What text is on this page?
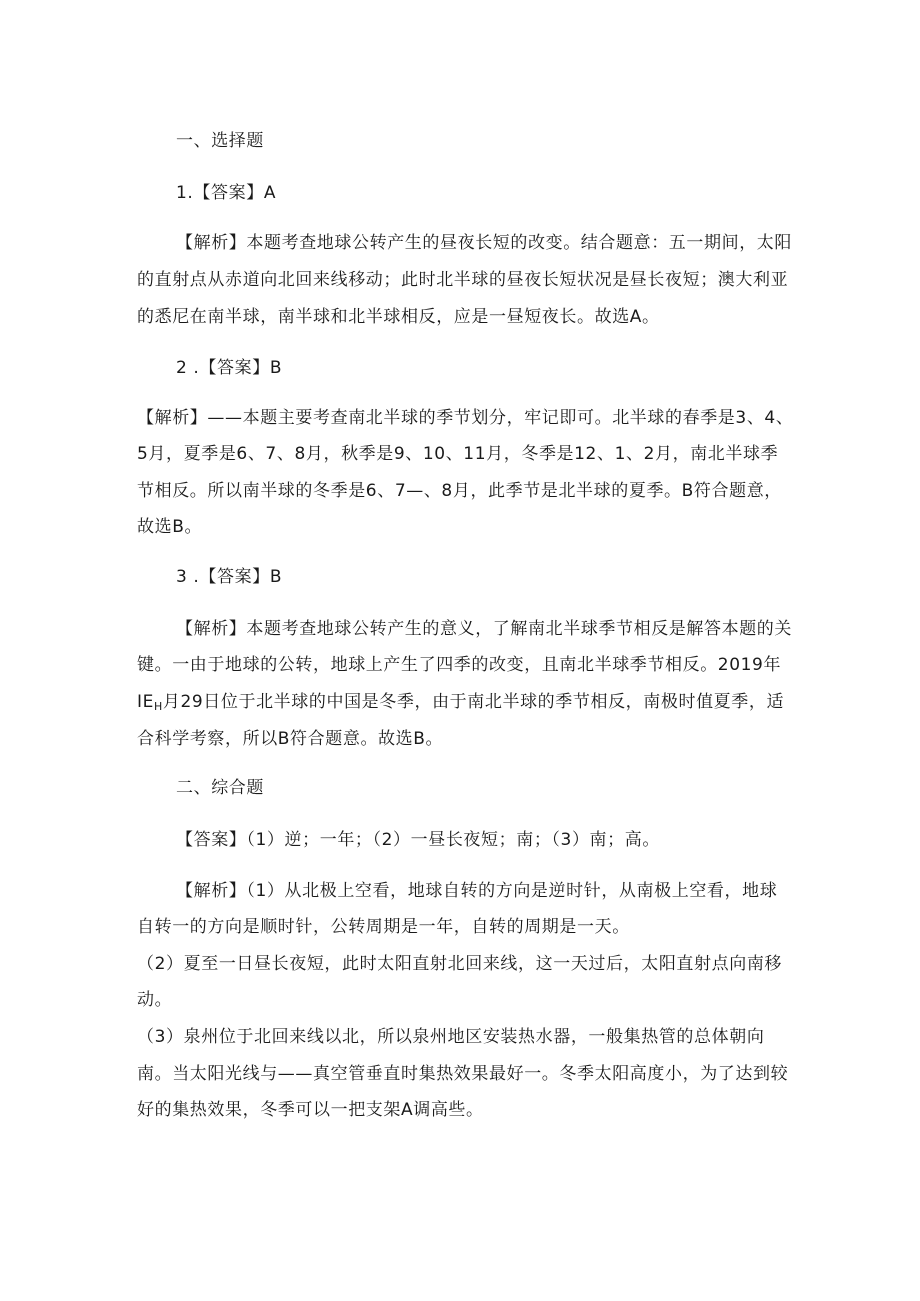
一、选择题
1.【答案】A
【解析】本题考查地球公转产生的昼夜长短的改变。结合题意：五一期间，太阳
的直射点从赤道向北回来线移动；此时北半球的昼夜长短状况是昼长夜短；澳大利亚
的悉尼在南半球，南半球和北半球相反，应是一昼短夜长。故选A。
2 .【答案】B
【解析】——本题主要考查南北半球的季节划分，牢记即可。北半球的春季是3、4、
5月，夏季是6、7、8月，秋季是9、10、11月，冬季是12、1、2月，南北半球季
节相反。所以南半球的冬季是6、7—、8月，此季节是北半球的夏季。B符合题意，
故选B。
3 .【答案】B
【解析】本题考查地球公转产生的意义，了解南北半球季节相反是解答本题的关
键。一由于地球的公转，地球上产生了四季的改变，且南北半球季节相反。2019年
$IE_H$月29日位于北半球的中国是冬季，由于南北半球的季节相反，南极时值夏季，适
合科学考察，所以B符合题意。故选B。
二、综合题
【答案】（1）逆；一年；（2）一昼长夜短；南；（3）南；高。
【解析】（1）从北极上空看，地球自转的方向是逆时针，从南极上空看，地球
自转一的方向是顺时针，公转周期是一年，自转的周期是一天。
（2）夏至一日昼长夜短，此时太阳直射北回来线，这一天过后，太阳直射点向南移
动。
（3）泉州位于北回来线以北，所以泉州地区安装热水器，一般集热管的总体朝向
南。当太阳光线与——真空管垂直时集热效果最好一。冬季太阳高度小，为了达到较
好的集热效果，冬季可以一把支架A调高些。
